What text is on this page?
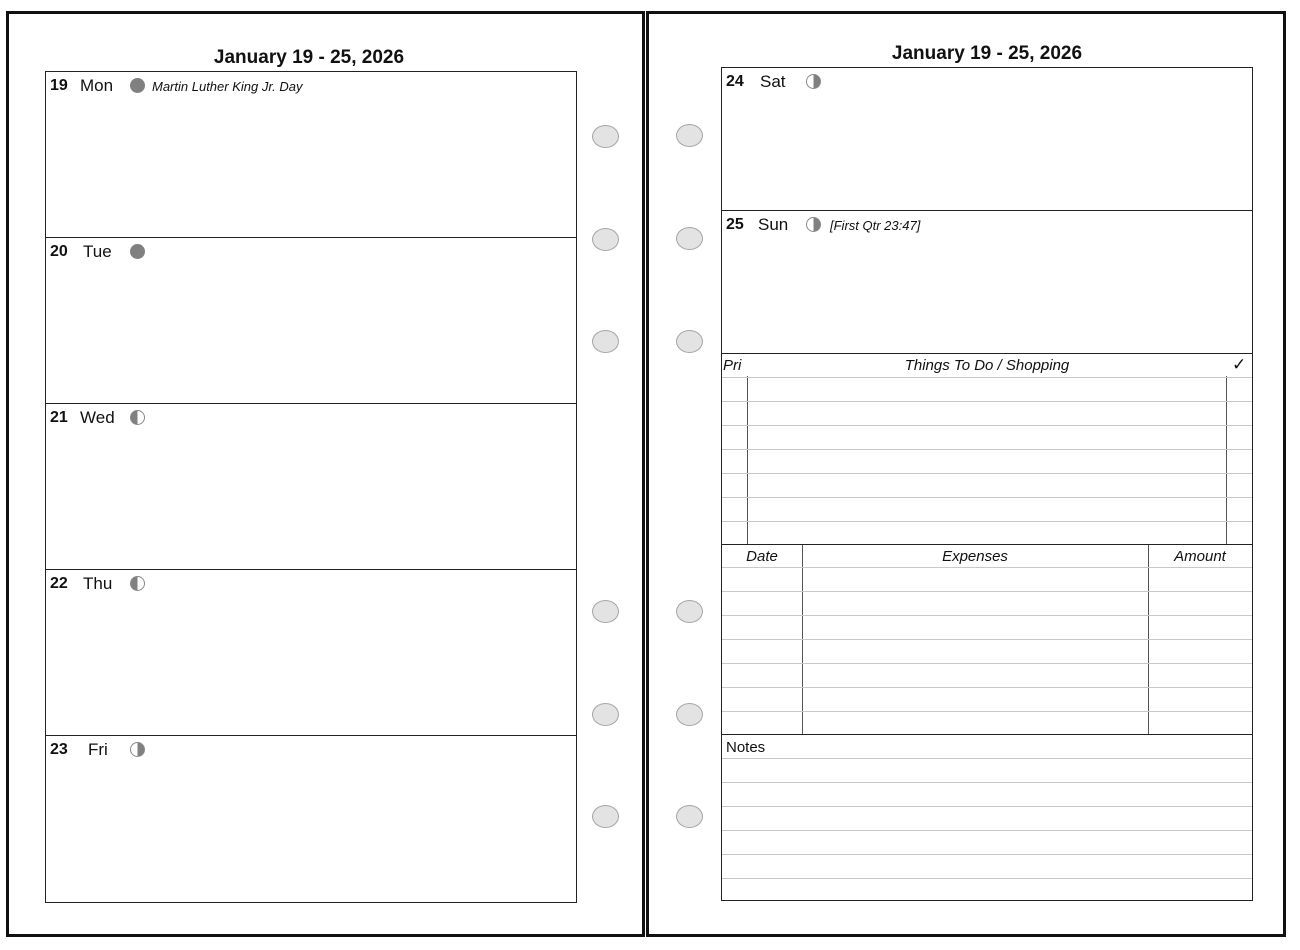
January 19 - 25, 2026
19 Mon	Martin Luther King Jr. Day
20 Tue
21 Wed
22 Thu
23 Fri
January 19 - 25, 2026
24 Sat
25 Sun	[First Qtr 23:47]
Pri	Things To Do / Shopping	✓
Date	Expenses	Amount
Notes
